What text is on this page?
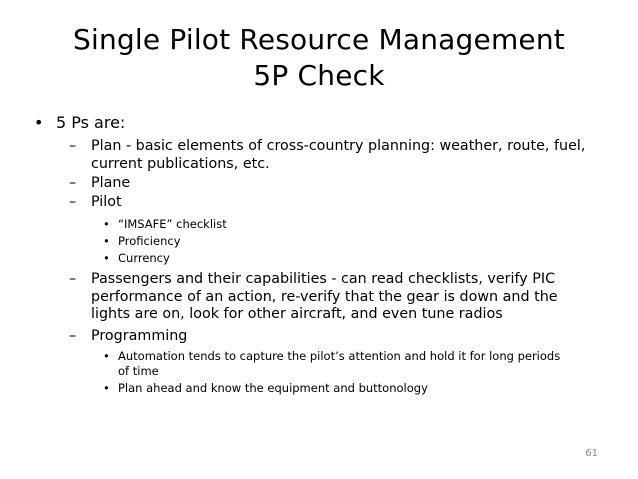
Single Pilot Resource Management
5P Check
• 5 Ps are:
– Plan - basic elements of cross-country planning: weather, route, fuel,
current publications, etc.
– Plane
– Pilot
• “IMSAFE” checklist
• Proficiency
• Currency
– Passengers and their capabilities - can read checklists, verify PIC
performance of an action, re-verify that the gear is down and the
lights are on, look for other aircraft, and even tune radios
– Programming
• Automation tends to capture the pilot’s attention and hold it for long periods
of time
• Plan ahead and know the equipment and buttonology
61
